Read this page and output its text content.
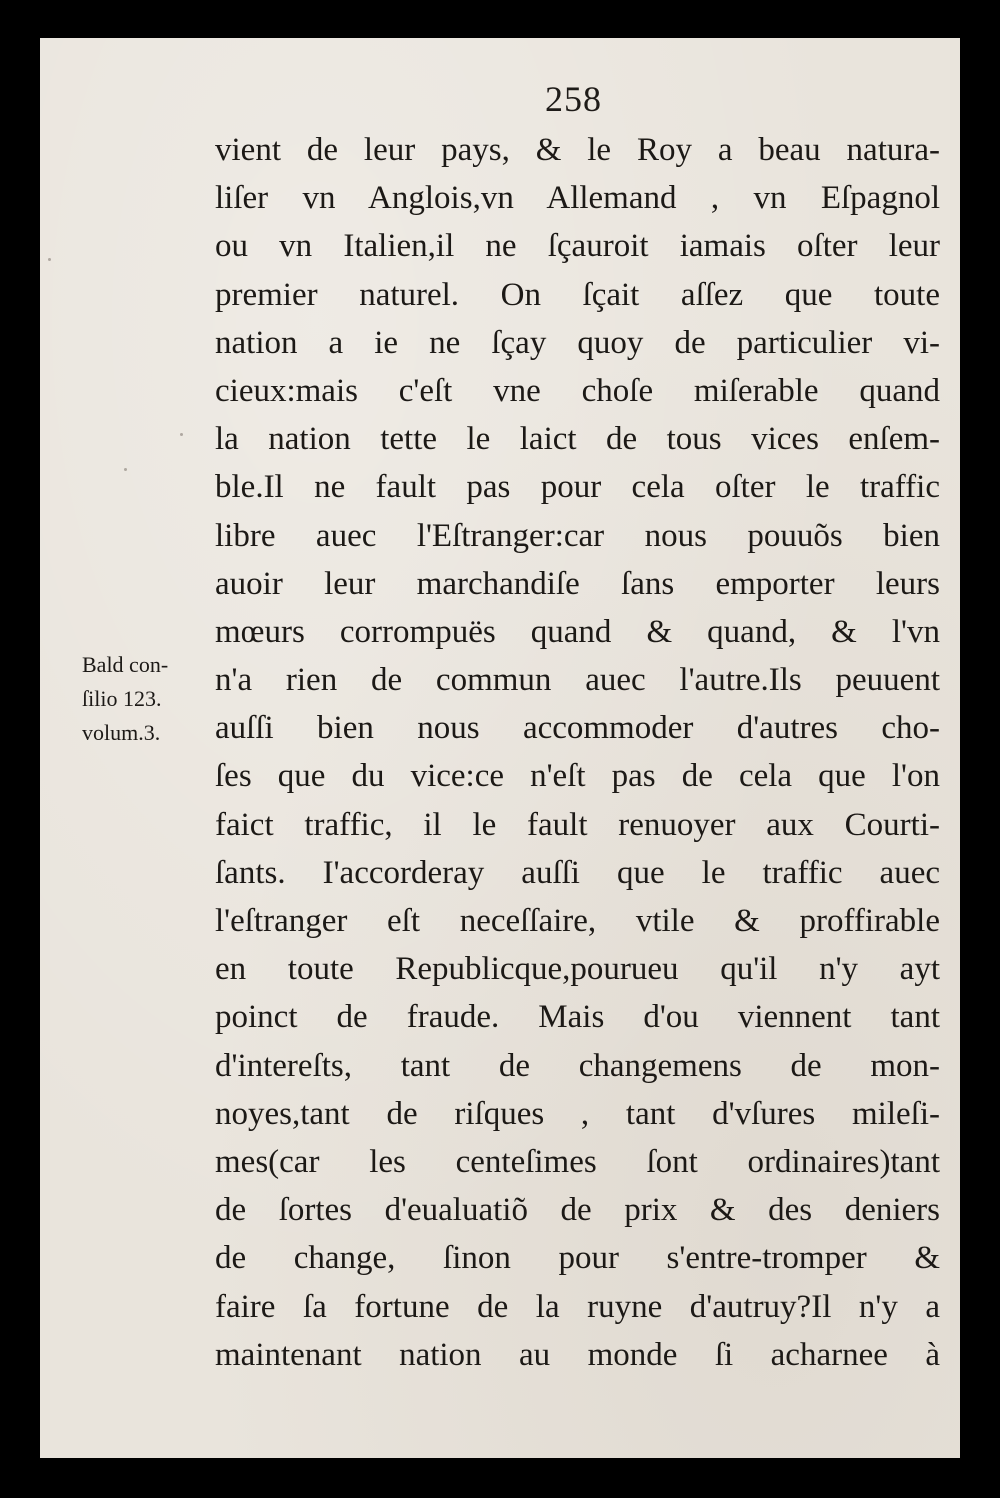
258
Bald con-
ſilio 123.
volum.3.
vient de leur pays, & le Roy a beau natura-
liſer vn Anglois,vn Allemand , vn Eſpagnol
ou vn Italien,il ne ſçauroit iamais oſter leur
premier naturel. On ſçait aſſez que toute
nation a ie ne ſçay quoy de particulier vi-
cieux:mais c'eſt vne choſe miſerable quand
la nation tette le laict de tous vices enſem-
ble.Il ne fault pas pour cela oſter le traffic
libre auec l'Eſtranger:car nous pouuõs bien
auoir leur marchandiſe ſans emporter leurs
mœurs corrompuës quand & quand, & l'vn
n'a rien de commun auec l'autre.Ils peuuent
auſſi bien nous accommoder d'autres cho-
ſes que du vice:ce n'eſt pas de cela que l'on
faict traffic, il le fault renuoyer aux Courti-
ſants. I'accorderay auſſi que le traffic auec
l'eſtranger eſt neceſſaire, vtile & proffirable
en toute Republicque,pourueu qu'il n'y ayt
poinct de fraude. Mais d'ou viennent tant
d'intereſts, tant de changemens de mon-
noyes,tant de riſques , tant d'vſures mileſi-
mes(car les centeſimes ſont ordinaires)tant
de ſortes d'eualuatiõ de prix & des deniers
de change, ſinon pour s'entre-tromper &
faire ſa fortune de la ruyne d'autruy?Il n'y a
maintenant nation au monde ſi acharnee à
